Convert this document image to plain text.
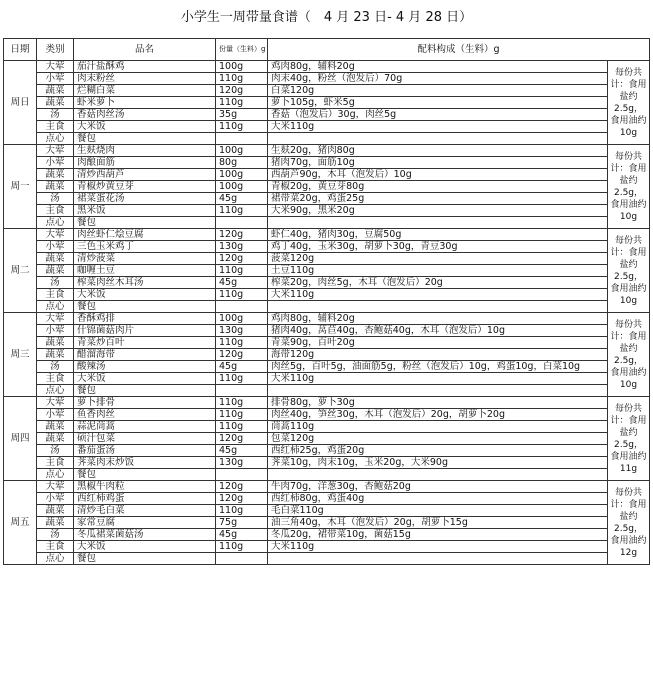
小学生一周带量食谱（　4 月 23 日- 4 月 28 日）
日期	类别	品名	份量（生料）g	配料构成（生料）g	
周日	大荤	茄汁盐酥鸡	100g	鸡肉80g，辅料20g	每份共计：食用盐约2.5g，食用油约10g
	小荤	肉末粉丝	110g	肉末40g，粉丝（泡发后）70g	
	蔬菜	烂糊白菜	120g	白菜120g	
	蔬菜	虾米萝卜	110g	萝卜105g，虾米5g	
	汤	香菇肉丝汤	35g	香菇（泡发后）30g，肉丝5g	
	主食	大米饭	110g	大米110g	
	点心	餐包			
周一	大荤	生麸烧肉	100g	生麸20g，猪肉80g	每份共计：食用盐约2.5g，食用油约10g
	小荤	肉酿面筋	80g	猪肉70g，面筋10g	
	蔬菜	清炒西葫芦	100g	西葫芦90g，木耳（泡发后）10g	
	蔬菜	青椒炒黄豆芽	100g	青椒20g，黄豆芽80g	
	汤	裙菜蛋花汤	45g	裙带菜20g，鸡蛋25g	
	主食	黑米饭	110g	大米90g，黑米20g	
	点心	餐包			
周二	大荤	肉丝虾仁烩豆腐	120g	虾仁40g，猪肉30g，豆腐50g	每份共计：食用盐约2.5g，食用油约10g
	小荤	三色玉米鸡丁	130g	鸡丁40g，玉米30g，胡萝卜30g，青豆30g	
	蔬菜	清炒菠菜	120g	菠菜120g	
	蔬菜	咖喱土豆	110g	土豆110g	
	汤	榨菜肉丝木耳汤	45g	榨菜20g，肉丝5g，木耳（泡发后）20g	
	主食	大米饭	110g	大米110g	
	点心	餐包			
周三	大荤	香酥鸡排	100g	鸡肉80g，辅料20g	每份共计：食用盐约2.5g，食用油约10g
	小荤	什锦菌菇肉片	130g	猪肉40g，莴苣40g，杏鲍菇40g，木耳（泡发后）10g	
	蔬菜	青菜炒百叶	110g	青菜90g，百叶20g	
	蔬菜	醋溜海带	120g	海带120g	
	汤	酸辣汤	45g	肉丝5g，百叶5g，油面筋5g，粉丝（泡发后）10g，鸡蛋10g，白菜10g	
	主食	大米饭	110g	大米110g	
	点心	餐包			
周四	大荤	萝卜排骨	110g	排骨80g，萝卜30g	每份共计：食用盐约2.5g，食用油约11g
	小荤	鱼香肉丝	110g	肉丝40g，笋丝30g，木耳（泡发后）20g，胡萝卜20g	
	蔬菜	蒜泥茼蒿	110g	茼蒿110g	
	蔬菜	硕汁包菜	120g	包菜120g	
	汤	番茄蛋汤	45g	西红柿25g，鸡蛋20g	
	主食	荠菜肉末炒饭	130g	荠菜10g，肉末10g，玉米20g，大米90g	
	点心	餐包			
周五	大荤	黑椒牛肉粒	120g	牛肉70g，洋葱30g，杏鲍菇20g	每份共计：食用盐约2.5g，食用油约12g
	小荤	西红柿鸡蛋	120g	西红柿80g，鸡蛋40g	
	蔬菜	清炒毛白菜	110g	毛白菜110g	
	蔬菜	家常豆腐	75g	油三角40g，木耳（泡发后）20g，胡萝卜15g	
	汤	冬瓜裙菜菌菇汤	45g	冬瓜20g，裙带菜10g，菌菇15g	
	主食	大米饭	110g	大米110g	
	点心	餐包			
